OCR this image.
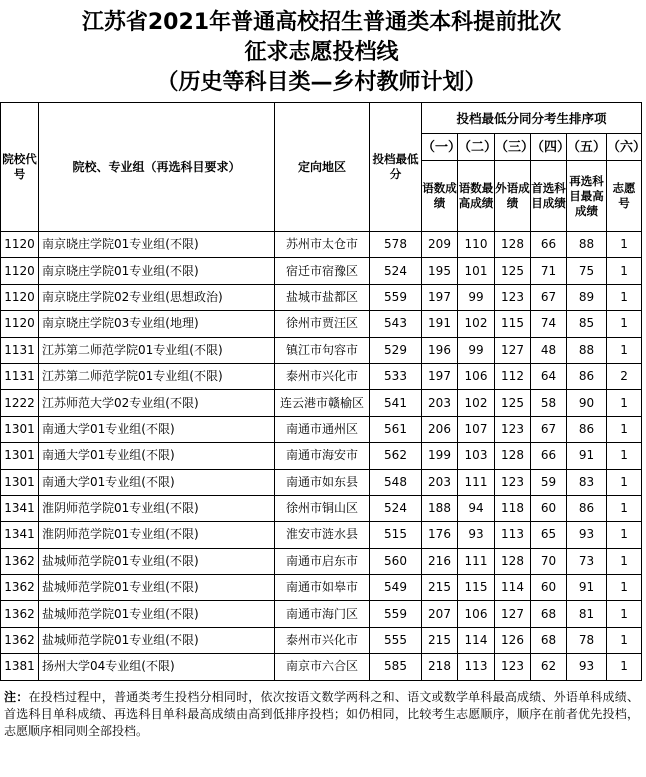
江苏省2021年普通高校招生普通类本科提前批次
征求志愿投档线
（历史等科目类—乡村教师计划）
院校代号	院校、专业组（再选科目要求）	定向地区	投档最低分	投档最低分同分考生排序项					
				（一）	（二）	（三）	（四）	（五）	（六）
				语数成绩	语数最高成绩	外语成绩	首选科目成绩	再选科目最高成绩	志愿号
1120	南京晓庄学院01专业组(不限)	苏州市太仓市	578	209	110	128	66	88	1
1120	南京晓庄学院01专业组(不限)	宿迁市宿豫区	524	195	101	125	71	75	1
1120	南京晓庄学院02专业组(思想政治)	盐城市盐都区	559	197	99	123	67	89	1
1120	南京晓庄学院03专业组(地理)	徐州市贾汪区	543	191	102	115	74	85	1
1131	江苏第二师范学院01专业组(不限)	镇江市句容市	529	196	99	127	48	88	1
1131	江苏第二师范学院01专业组(不限)	泰州市兴化市	533	197	106	112	64	86	2
1222	江苏师范大学02专业组(不限)	连云港市赣榆区	541	203	102	125	58	90	1
1301	南通大学01专业组(不限)	南通市通州区	561	206	107	123	67	86	1
1301	南通大学01专业组(不限)	南通市海安市	562	199	103	128	66	91	1
1301	南通大学01专业组(不限)	南通市如东县	548	203	111	123	59	83	1
1341	淮阴师范学院01专业组(不限)	徐州市铜山区	524	188	94	118	60	86	1
1341	淮阴师范学院01专业组(不限)	淮安市涟水县	515	176	93	113	65	93	1
1362	盐城师范学院01专业组(不限)	南通市启东市	560	216	111	128	70	73	1
1362	盐城师范学院01专业组(不限)	南通市如皋市	549	215	115	114	60	91	1
1362	盐城师范学院01专业组(不限)	南通市海门区	559	207	106	127	68	81	1
1362	盐城师范学院01专业组(不限)	泰州市兴化市	555	215	114	126	68	78	1
1381	扬州大学04专业组(不限)	南京市六合区	585	218	113	123	62	93	1
注：在投档过程中，普通类考生投档分相同时，依次按语文数学两科之和、语文或数学单科最高成绩、外语单科成绩、首选科目单科成绩、再选科目单科最高成绩由高到低排序投档；如仍相同，比较考生志愿顺序，顺序在前者优先投档，志愿顺序相同则全部投档。
